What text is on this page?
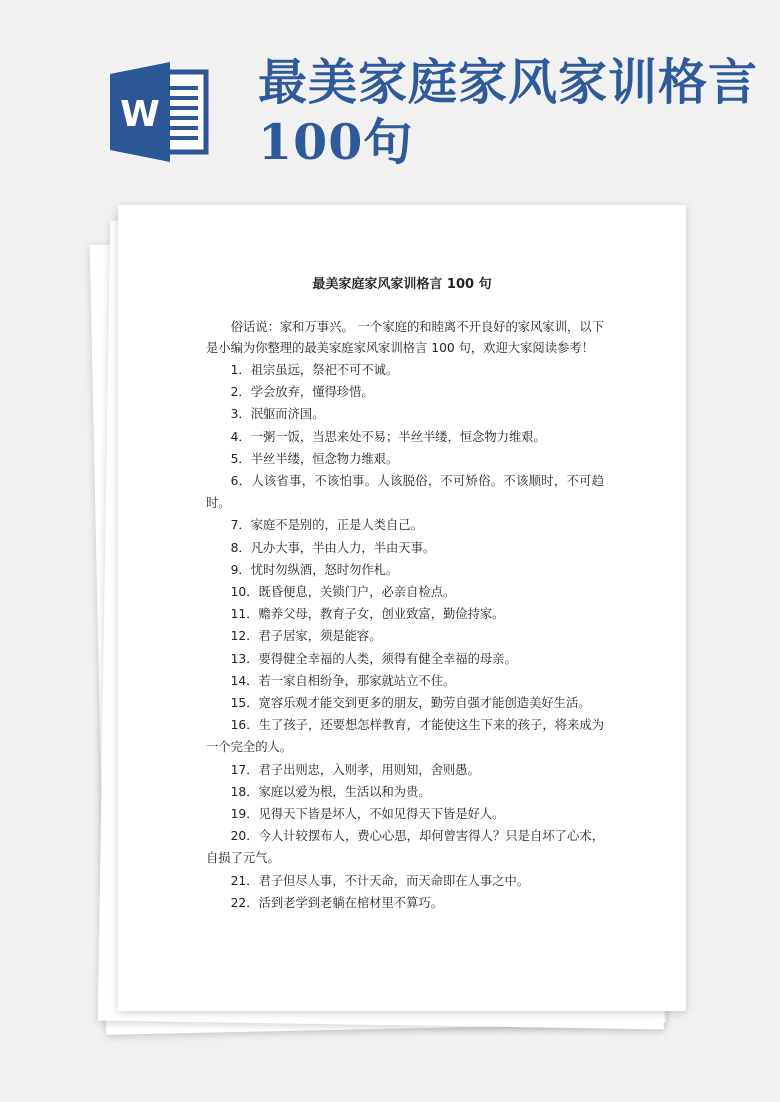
W
最美家庭家风家训格言100句
最美家庭家风家训格言 100 句

俗话说：家和万事兴。 一个家庭的和睦离不开良好的家风家训，以下是小编为你整理的最美家庭家风家训格言 100 句，欢迎大家阅读参考！

1．祖宗虽远，祭祀不可不诚。

2．学会放弃，懂得珍惜。

3．泯躯而济国。

4．一粥一饭，当思来处不易；半丝半缕，恒念物力维艰。

5．半丝半缕，恒念物力维艰。

6．人该省事，不该怕事。人该脱俗，不可矫俗。不该顺时，不可趋时。

7．家庭不是别的，正是人类自己。

8．凡办大事，半由人力，半由天事。

9．忧时勿纵酒，怒时勿作札。

10．既昏便息，关锁门户，必亲自检点。

11．赡养父母，教育子女，创业致富，勤俭持家。

12．君子居家，须是能容。

13．要得健全幸福的人类，须得有健全幸福的母亲。

14．若一家自相纷争，那家就站立不住。

15．宽容乐观才能交到更多的朋友，勤劳自强才能创造美好生活。

16．生了孩子，还要想怎样教育，才能使这生下来的孩子，将来成为一个完全的人。

17．君子出则忠，入则孝，用则知，舍则愚。

18．家庭以爱为根，生活以和为贵。

19．见得天下皆是坏人，不如见得天下皆是好人。

20．今人计较摆布人，费心心思，却何曾害得人？只是自坏了心术，自损了元气。

21．君子但尽人事，不计天命，而天命即在人事之中。

22．活到老学到老躺在棺材里不算巧。
